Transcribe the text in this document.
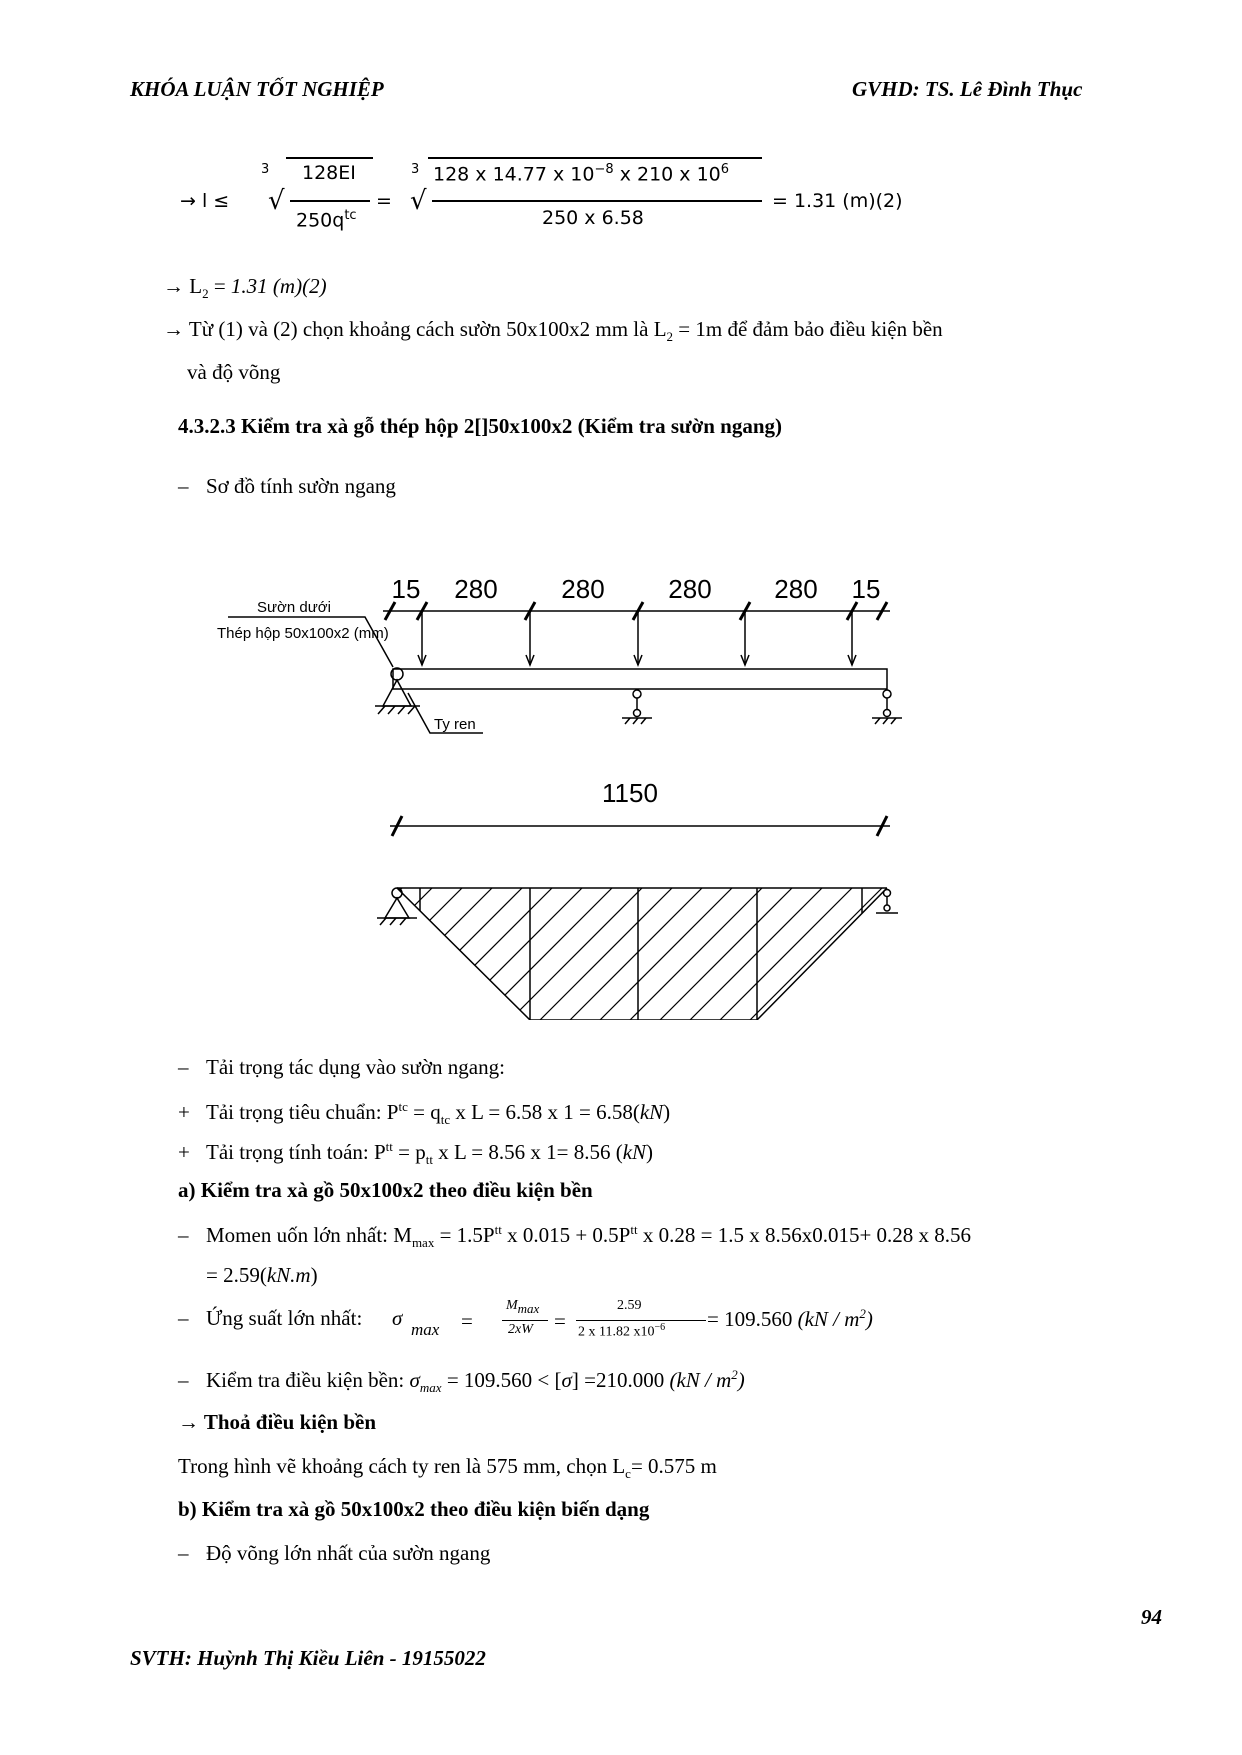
KHÓA LUẬN TỐT NGHIỆP	GVHD: TS. Lê Đình Thục
→ l ≤
3
√
128EI
$250q^{tc}$
=
3
√
128 x 14.77 x $10^{-8}$ x 210 x $10^6$
250 x 6.58
= 1.31 (m)(2)
→ $L_2 = 1.31$ (m)(2)
→ Từ (1) và (2) chọn khoảng cách sườn 50x100x2 mm là $L_2 = 1m$ để đảm bảo điều kiện bền
và độ võng
4.3.2.3 Kiểm tra xà gỗ thép hộp 2[]50x100x2 (Kiểm tra sườn ngang)
– Sơ đồ tính sườn ngang
15 280 280 280 280 15
1150
Sườn dưới
Thép hộp 50x100x2 (mm)
Ty ren
– Tải trọng tác dụng vào sườn ngang:
+ Tải trọng tiêu chuẩn: $P^{tc} = q_{tc}$ x L = 6.58 x 1 = 6.58(kN)
+ Tải trọng tính toán: $P^{tt} = p_{tt}$ x L = 8.56 x 1= 8.56 (kN)
a) Kiểm tra xà gồ 50x100x2 theo điều kiện bền
– Momen uốn lớn nhất: $M_{max} = 1.5P^{tt}$ x $0.015 + 0.5P^{tt}$ x 0.28 = 1.5 x 8.56x0.015+ 0.28 x 8.56
= 2.59(kN.m)
– Ứng suất lớn nhất: σ max =
$M_{max}$
2xW =
2.59
2 x 11.82 $x10^{-6} = 109.560$ $(kN / m^2)$
– Kiểm tra điều kiện bền: $\sigma_{max} = 109.560 < [\sigma] =210.000$ $(kN / m^2)$
→ Thoả điều kiện bền
Trong hình vẽ khoảng cách ty ren là 575 mm, chọn $L_c= 0.575$ m
b) Kiểm tra xà gồ 50x100x2 theo điều kiện biến dạng
– Độ võng lớn nhất của sườn ngang
94
SVTH: Huỳnh Thị Kiều Liên - 19155022
